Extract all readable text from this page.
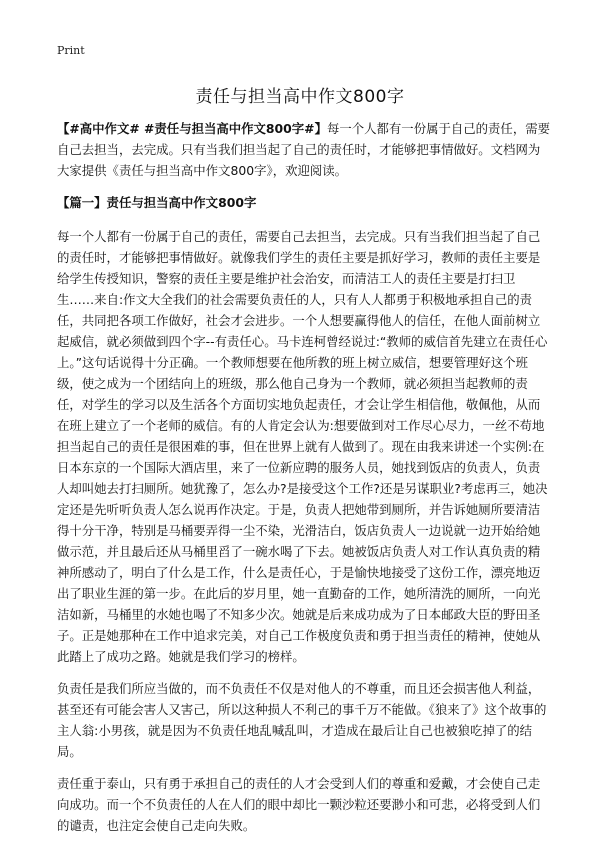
Print
责任与担当高中作文800字

【#高中作文# #责任与担当高中作文800字#】每一个人都有一份属于自己的责任，需要自己去担当，去完成。只有当我们担当起了自己的责任时，才能够把事情做好。文档网为大家提供《责任与担当高中作文800字》，欢迎阅读。

【篇一】责任与担当高中作文800字

每一个人都有一份属于自己的责任，需要自己去担当，去完成。只有当我们担当起了自己的责任时，才能够把事情做好。就像我们学生的责任主要是抓好学习，教师的责任主要是给学生传授知识，警察的责任主要是维护社会治安，而清洁工人的责任主要是打扫卫生……来自:作文大全我们的社会需要负责任的人，只有人人都勇于积极地承担自己的责任，共同把各项工作做好，社会才会进步。一个人想要赢得他人的信任，在他人面前树立起威信，就必须做到四个字--有责任心。马卡连柯曾经说过:“教师的威信首先建立在责任心上。”这句话说得十分正确。一个教师想要在他所教的班上树立威信，想要管理好这个班级，使之成为一个团结向上的班级，那么他自己身为一个教师，就必须担当起教师的责任，对学生的学习以及生活各个方面切实地负起责任，才会让学生相信他，敬佩他，从而在班上建立了一个老师的威信。有的人肯定会认为:想要做到对工作尽心尽力，一丝不苟地担当起自己的责任是很困难的事，但在世界上就有人做到了。现在由我来讲述一个实例:在日本东京的一个国际大酒店里，来了一位新应聘的服务人员，她找到饭店的负责人，负责人却叫她去打扫厕所。她犹豫了，怎么办?是接受这个工作?还是另谋职业?考虑再三，她决定还是先听听负责人怎么说再作决定。于是，负责人把她带到厕所，并告诉她厕所要清洁得十分干净，特别是马桶要弄得一尘不染，光滑洁白，饭店负责人一边说就一边开始给她做示范，并且最后还从马桶里舀了一碗水喝了下去。她被饭店负责人对工作认真负责的精神所感动了，明白了什么是工作，什么是责任心，于是愉快地接受了这份工作，漂亮地迈出了职业生涯的第一步。在此后的岁月里，她一直勤奋的工作，她所清洗的厕所，一向光洁如新，马桶里的水她也喝了不知多少次。她就是后来成功成为了日本邮政大臣的野田圣子。正是她那种在工作中追求完美，对自己工作极度负责和勇于担当责任的精神，使她从此踏上了成功之路。她就是我们学习的榜样。

负责任是我们所应当做的，而不负责任不仅是对他人的不尊重，而且还会损害他人利益，甚至还有可能会害人又害己，所以这种损人不利己的事千万不能做。《狼来了》这个故事的主人翁:小男孩，就是因为不负责任地乱喊乱叫，才造成在最后让自己也被狼吃掉了的结局。

责任重于泰山，只有勇于承担自己的责任的人才会受到人们的尊重和爱戴，才会使自己走向成功。而一个不负责任的人在人们的眼中却比一颗沙粒还要渺小和可悲，必将受到人们的谴责，也注定会使自己走向失败。
